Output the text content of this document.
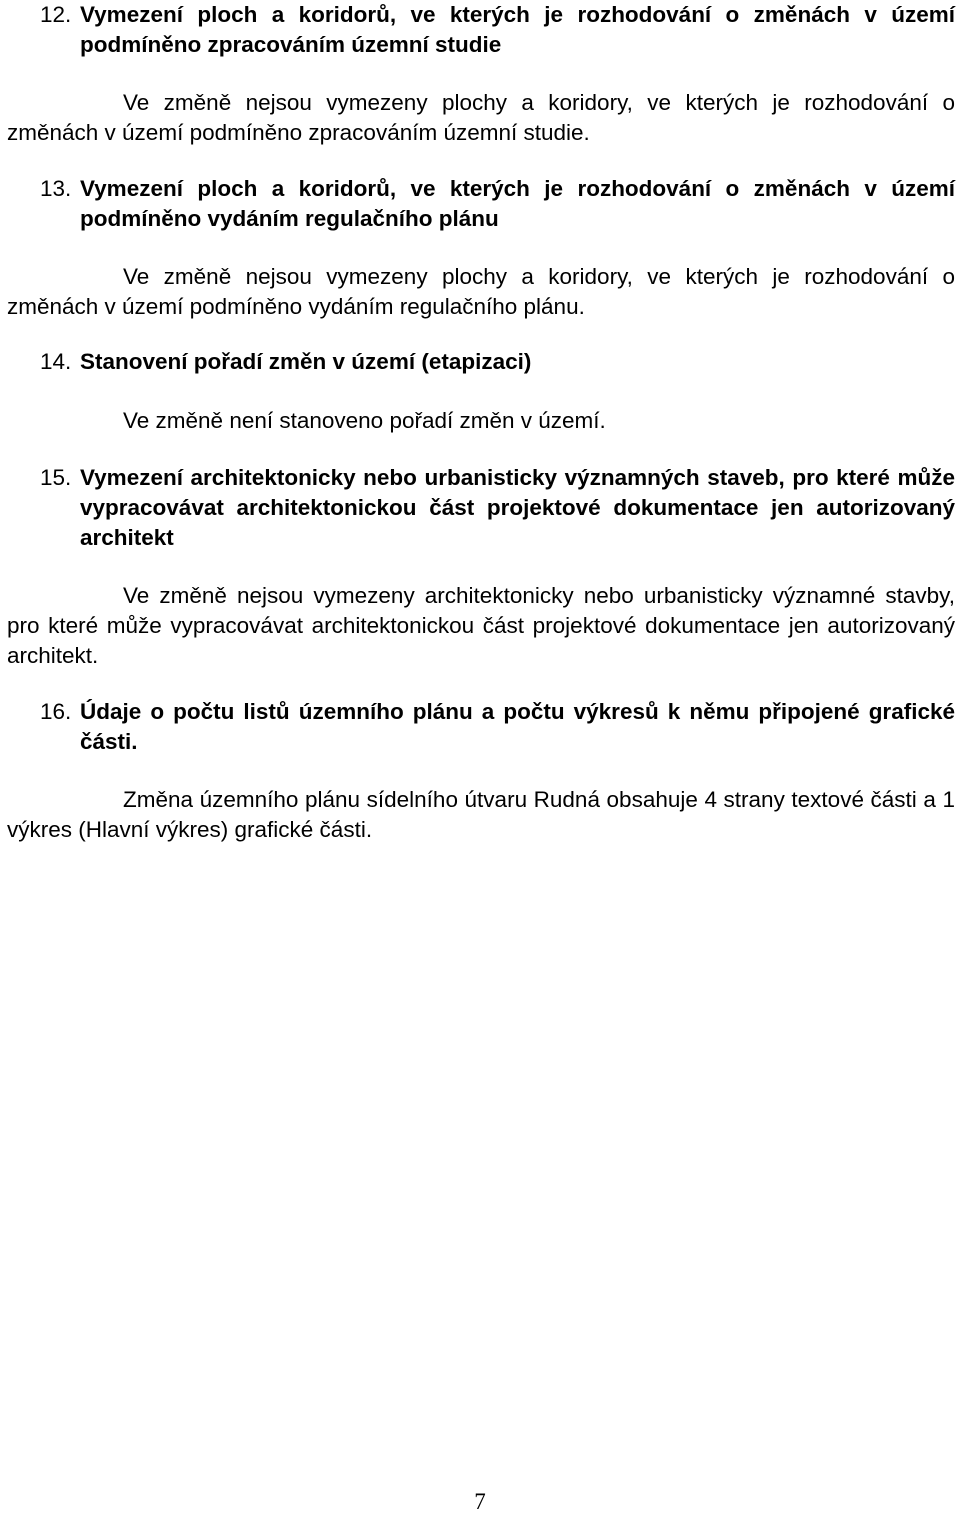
12. Vymezení ploch a koridorů, ve kterých je rozhodování o změnách v území podmíněno zpracováním územní studie
Ve změně nejsou vymezeny plochy a koridory, ve kterých je rozhodování o změnách v území podmíněno zpracováním územní studie.
13. Vymezení ploch a koridorů, ve kterých je rozhodování o změnách v území podmíněno vydáním regulačního plánu
Ve změně nejsou vymezeny plochy a koridory, ve kterých je rozhodování o změnách v území podmíněno vydáním regulačního plánu.
14. Stanovení pořadí změn v území (etapizaci)
Ve změně není stanoveno pořadí změn v území.
15. Vymezení architektonicky nebo urbanisticky významných staveb, pro které může vypracovávat architektonickou část projektové dokumentace jen autorizovaný architekt
Ve změně nejsou vymezeny architektonicky nebo urbanisticky významné stavby, pro které může vypracovávat architektonickou část projektové dokumentace jen autorizovaný architekt.
16. Údaje o počtu listů územního plánu a počtu výkresů k němu připojené grafické části.
Změna územního plánu sídelního útvaru Rudná obsahuje 4 strany textové části a 1 výkres (Hlavní výkres) grafické části.
7
